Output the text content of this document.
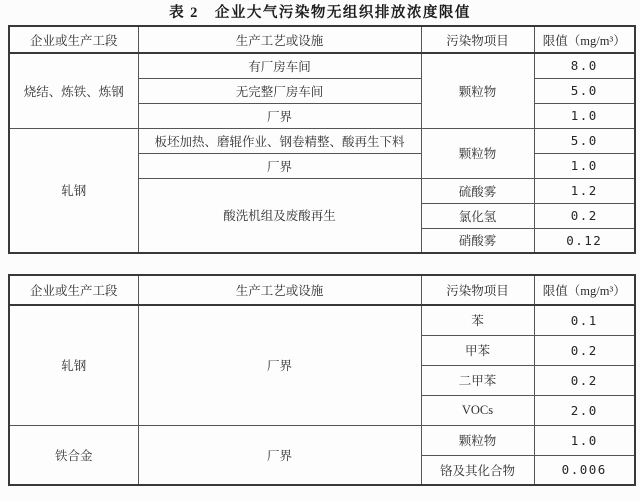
表 2　企业大气污染物无组织排放浓度限值
企业或生产工段	生产工艺或设施	污染物项目	限值（mg/m³）
烧结、炼铁、炼钢	有厂房车间	颗粒物	8.0
	无完整厂房车间		5.0
	厂界		1.0
轧钢	板坯加热、磨辊作业、钢卷精整、酸再生下料	颗粒物	5.0
	厂界		1.0
	酸洗机组及废酸再生	硫酸雾	1.2
		氯化氢	0.2
		硝酸雾	0.12
企业或生产工段	生产工艺或设施	污染物项目	限值（mg/m³）
轧钢	厂界	苯	0.1
		甲苯	0.2
		二甲苯	0.2
		VOCs	2.0
铁合金	厂界	颗粒物	1.0
		铬及其化合物	0.006
